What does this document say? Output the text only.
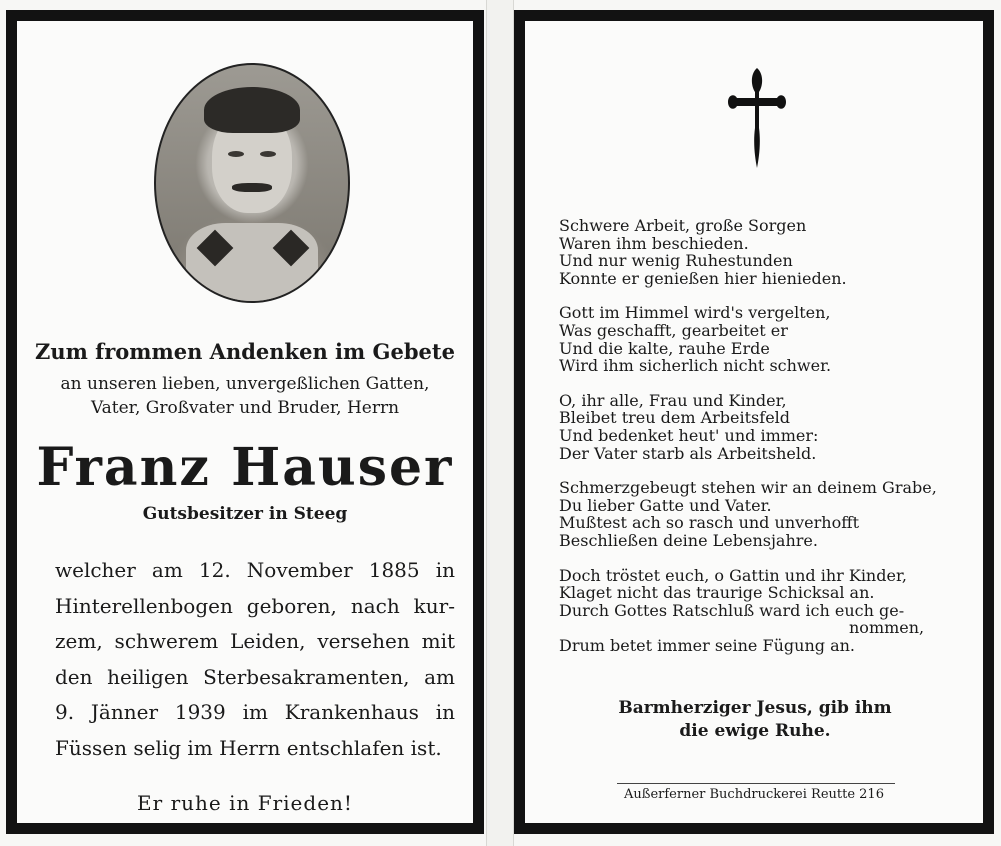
Zum frommen Andenken im Gebete
an unseren lieben, unvergeßlichen Gatten,
Vater, Großvater und Bruder, Herrn
Franz Hauser
Gutsbesitzer in Steeg
welcher am 12. November 1885 in
Hinterellenbogen geboren, nach kur-
zem, schwerem Leiden, versehen mit
den heiligen Sterbesakramenten, am
9. Jänner 1939 im Krankenhaus in
Füssen selig im Herrn entschlafen ist.
Er ruhe in Frieden!
Schwere Arbeit, große Sorgen
Waren ihm beschieden.
Und nur wenig Ruhestunden
Konnte er genießen hier hienieden.
Gott im Himmel wird's vergelten,
Was geschafft, gearbeitet er
Und die kalte, rauhe Erde
Wird ihm sicherlich nicht schwer.
O, ihr alle, Frau und Kinder,
Bleibet treu dem Arbeitsfeld
Und bedenket heut' und immer:
Der Vater starb als Arbeitsheld.
Schmerzgebeugt stehen wir an deinem Grabe,
Du lieber Gatte und Vater.
Mußtest ach so rasch und unverhofft
Beschließen deine Lebensjahre.
Doch tröstet euch, o Gattin und ihr Kinder,
Klaget nicht das traurige Schicksal an.
Durch Gottes Ratschluß ward ich euch ge-
nommen,
Drum betet immer seine Fügung an.
Barmherziger Jesus, gib ihm die ewige Ruhe.
Außerferner Buchdruckerei Reutte 216
